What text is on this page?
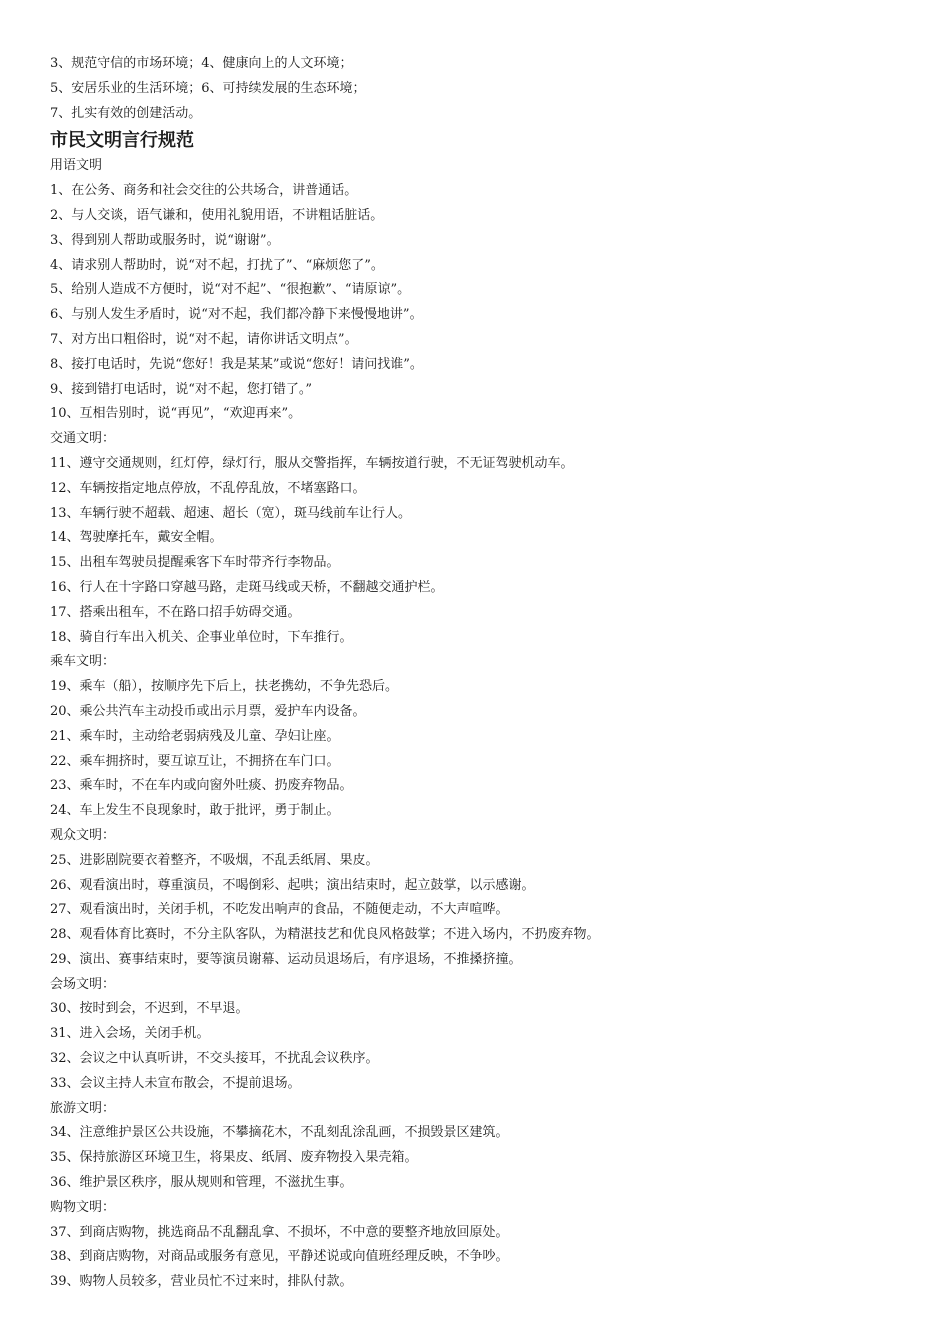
3、规范守信的市场环境；4、健康向上的人文环境；
5、安居乐业的生活环境；6、可持续发展的生态环境；
7、扎实有效的创建活动。
市民文明言行规范
用语文明
1、在公务、商务和社会交往的公共场合，讲普通话。
2、与人交谈，语气谦和，使用礼貌用语，不讲粗话脏话。
3、得到别人帮助或服务时，说“谢谢”。
4、请求别人帮助时，说“对不起，打扰了”、“麻烦您了”。
5、给别人造成不方便时，说“对不起”、“很抱歉”、“请原谅”。
6、与别人发生矛盾时，说“对不起，我们都冷静下来慢慢地讲”。
7、对方出口粗俗时，说“对不起，请你讲话文明点”。
8、接打电话时，先说“您好！我是某某”或说“您好！请问找谁”。
9、接到错打电话时，说“对不起，您打错了。”
10、互相告别时，说“再见”，“欢迎再来”。
交通文明：
11、遵守交通规则，红灯停，绿灯行，服从交警指挥，车辆按道行驶，不无证驾驶机动车。
12、车辆按指定地点停放，不乱停乱放，不堵塞路口。
13、车辆行驶不超载、超速、超长（宽），斑马线前车让行人。
14、驾驶摩托车，戴安全帽。
15、出租车驾驶员提醒乘客下车时带齐行李物品。
16、行人在十字路口穿越马路，走斑马线或天桥，不翻越交通护栏。
17、搭乘出租车，不在路口招手妨碍交通。
18、骑自行车出入机关、企事业单位时，下车推行。
乘车文明：
19、乘车（船），按顺序先下后上，扶老携幼，不争先恐后。
20、乘公共汽车主动投币或出示月票，爱护车内设备。
21、乘车时，主动给老弱病残及儿童、孕妇让座。
22、乘车拥挤时，要互谅互让，不拥挤在车门口。
23、乘车时，不在车内或向窗外吐痰、扔废弃物品。
24、车上发生不良现象时，敢于批评，勇于制止。
观众文明：
25、进影剧院要衣着整齐，不吸烟，不乱丢纸屑、果皮。
26、观看演出时，尊重演员，不喝倒彩、起哄；演出结束时，起立鼓掌，以示感谢。
27、观看演出时，关闭手机，不吃发出响声的食品，不随便走动，不大声喧哗。
28、观看体育比赛时，不分主队客队，为精湛技艺和优良风格鼓掌；不进入场内，不扔废弃物。
29、演出、赛事结束时，要等演员谢幕、运动员退场后，有序退场，不推搡挤撞。
会场文明：
30、按时到会，不迟到，不早退。
31、进入会场，关闭手机。
32、会议之中认真听讲，不交头接耳，不扰乱会议秩序。
33、会议主持人未宣布散会，不提前退场。
旅游文明：
34、注意维护景区公共设施，不攀摘花木，不乱刻乱涂乱画，不损毁景区建筑。
35、保持旅游区环境卫生，将果皮、纸屑、废弃物投入果壳箱。
36、维护景区秩序，服从规则和管理，不滋扰生事。
购物文明：
37、到商店购物，挑选商品不乱翻乱拿、不损坏，不中意的要整齐地放回原处。
38、到商店购物，对商品或服务有意见，平静述说或向值班经理反映，不争吵。
39、购物人员较多，营业员忙不过来时，排队付款。
